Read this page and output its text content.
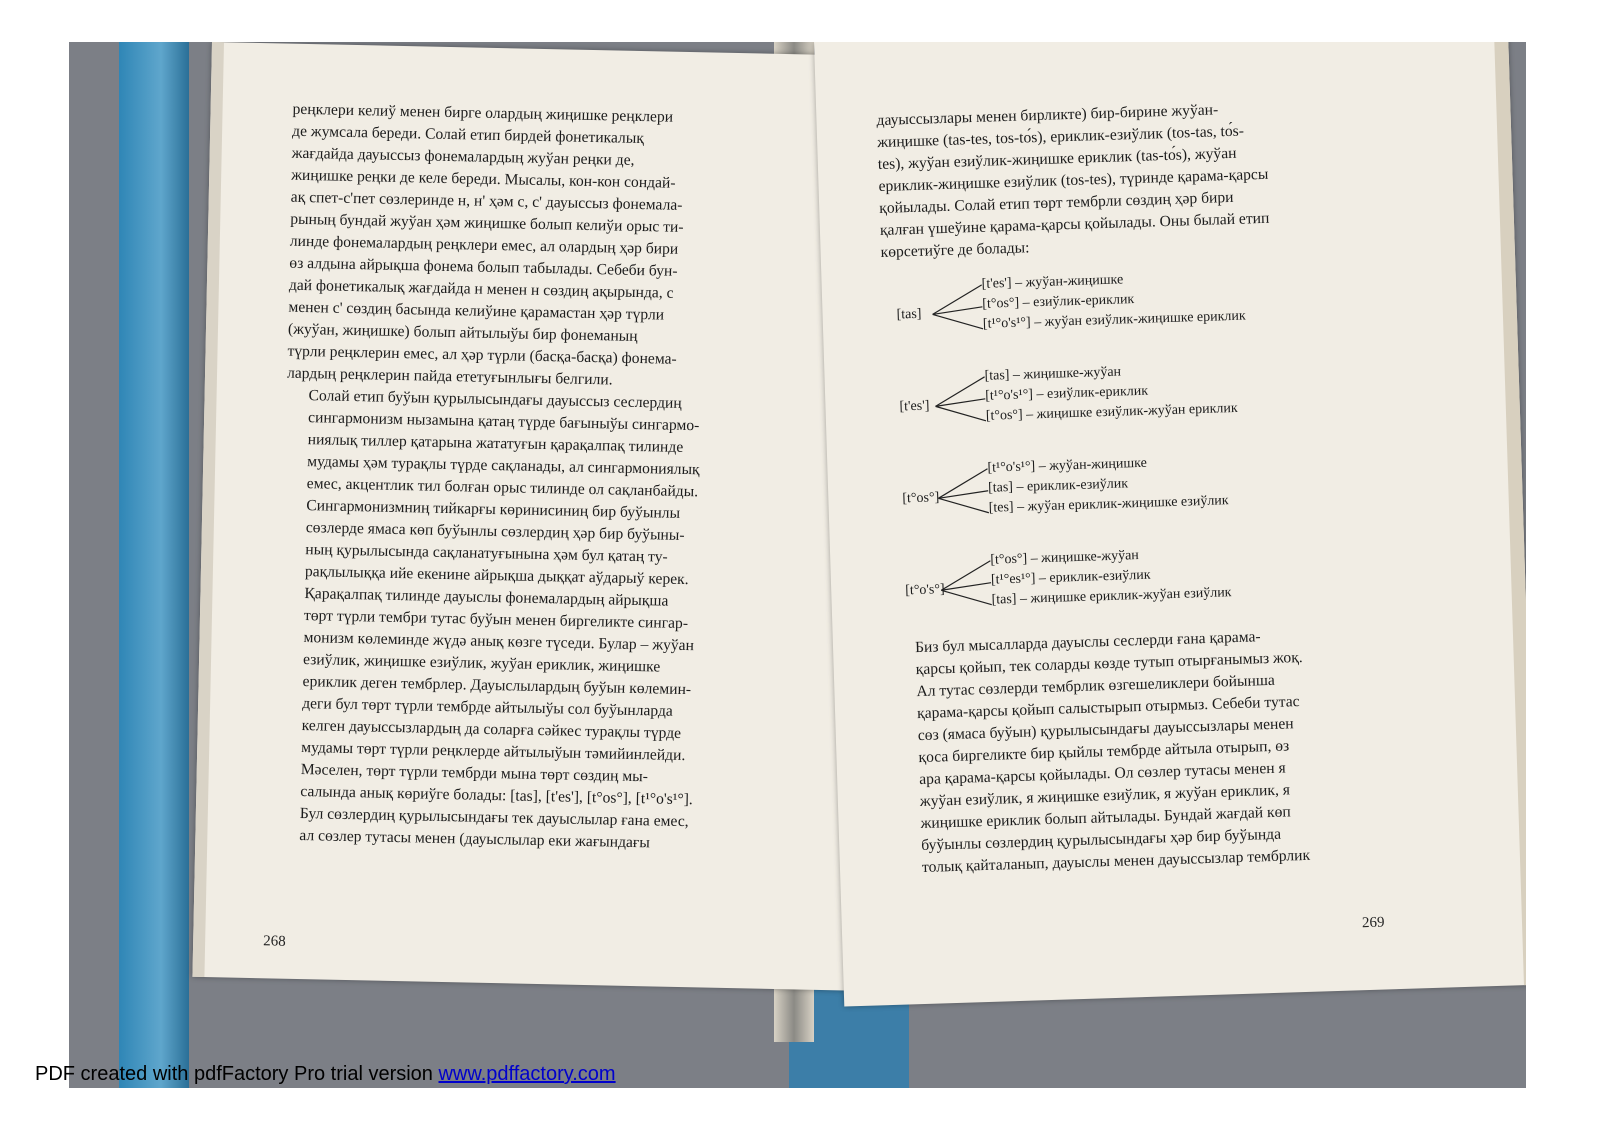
реңклери келиў менен бирге олардың жиңишке реңклери
де жумсала береди. Солай етип бирдей фонетикалық
жағдайда дауыссыз фонемалардың жуўан реңки де,
жиңишке реңки де келе береди. Мысалы, кон-кон сондай-
ақ спет-с'пет сөзлеринде н, н' ҳәм с, с' дауыссыз фонемала-
рының бундай жуўан ҳәм жиңишке болып келиўи орыс ти-
линде фонемалардың реңклери емес, ал олардың ҳәр бири
өз алдына айрықша фонема болып табылады. Себеби бун-
дай фонетикалық жағдайда н менен н сөздиң ақырында, с
менен с' сөздиң басында келиўине қарамастан ҳәр түрли
(жуўан, жиңишке) болып айтылыўы бир фонеманың
түрли реңклерин емес, ал ҳәр түрли (басқа-басқа) фонема-
лардың реңклерин пайда ететуғынлығы белгили.

Солай етип буўын қурылысындағы дауыссыз сеслердиң
сингармонизм нызамына қатаң түрде бағыныўы сингармо-
ниялық тиллер қатарына жататуғын қарақалпақ тилинде
мудамы ҳәм турақлы түрде сақланады, ал сингармониялық
емес, акцентлик тил болған орыс тилинде ол сақланбайды.

Сингармонизмниң тийкарғы көринисиниң бир буўынлы
сөзлерде ямаса көп буўынлы сөзлердиң ҳәр бир буўыны-
ның қурылысында сақланатуғынына ҳәм бул қатаң ту-
рақлылыққа ийе екенине айрықша дыққат аўдарыў керек.
Қарақалпақ тилинде дауыслы фонемалардың айрықша
төрт түрли тембри тутас буўын менен биргеликте сингар-
монизм көлеминде жүдә анық көзге түседи. Булар – жуўан
езиўлик, жиңишке езиўлик, жуўан ериклик, жиңишке
ериклик деген тембрлер. Дауыслылардың буўын көлемин-
деги бул төрт түрли тембрде айтылыўы сол буўынларда
келген дауыссызлардың да соларға сәйкес турақлы түрде
мудамы төрт түрли реңклерде айтылыўын тәмийинлейди.
Мәселен, төрт түрли тембрди мына төрт сөздиң мы-
салында анық көриўге болады: [tas], [t'es'], [t°os°], [t¹°o's¹°].
Бул сөзлердиң қурылысындағы тек дауыслылар ғана емес,
ал сөзлер тутасы менен (дауыслылар еки жағындағы

268

дауыссызлары менен бирликте) бир-бирине жуўан-
жиңишке (tas-tes, tos-tо́s), ериклик-езиўлик (tos-tas, tо́s-
tes), жуўан езиўлик-жиңишке ериклик (tas-tо́s), жуўан
ериклик-жиңишке езиўлик (tos-tes), түринде қарама-қарсы
қойылады. Солай етип төрт тембрли сөздиң ҳәр бири
қалған үшеўине қарама-қарсы қойылады. Оны былай етип
көрсетиўге де болады:

[tas]
[t'es'] – жуўан-жиңишке
[t°os°] – езиўлик-ериклик
[t¹°o's¹°] – жуўан езиўлик-жиңишке ериклик
[t'es']
[tas] – жиңишке-жуўан
[t¹°o's¹°] – езиўлик-ериклик
[t°os°] – жиңишке езиўлик-жуўан ериклик
[t°os°]
[t¹°o's¹°] – жуўан-жиңишке
[tas] – ериклик-езиўлик
[tes] – жуўан ериклик-жиңишке езиўлик
[t°o's°]
[t°os°] – жиңишке-жуўан
[t¹°es¹°] – ериклик-езиўлик
[tas] – жиңишке ериклик-жуўан езиўлик

Биз бул мысалларда дауыслы сеслерди ғана қарама-
қарсы қойып, тек соларды көзде тутып отырғанымыз жоқ.
Ал тутас сөзлерди тембрлик өзгешеликлери бойынша
қарама-қарсы қойып салыстырып отырмыз. Себеби тутас
сөз (ямаса буўын) қурылысындағы дауыссызлары менен
қоса биргеликте бир қыйлы тембрде айтыла отырып, өз
ара қарама-қарсы қойылады. Ол сөзлер тутасы менен я
жуўан езиўлик, я жиңишке езиўлик, я жуўан ериклик, я
жиңишке ериклик болып айтылады. Бундай жағдай көп
буўынлы сөзлердиң қурылысындағы ҳәр бир буўында
толық қайталанып, дауыслы менен дауыссызлар тембрлик

269
PDF created with pdfFactory Pro trial version www.pdffactory.com
